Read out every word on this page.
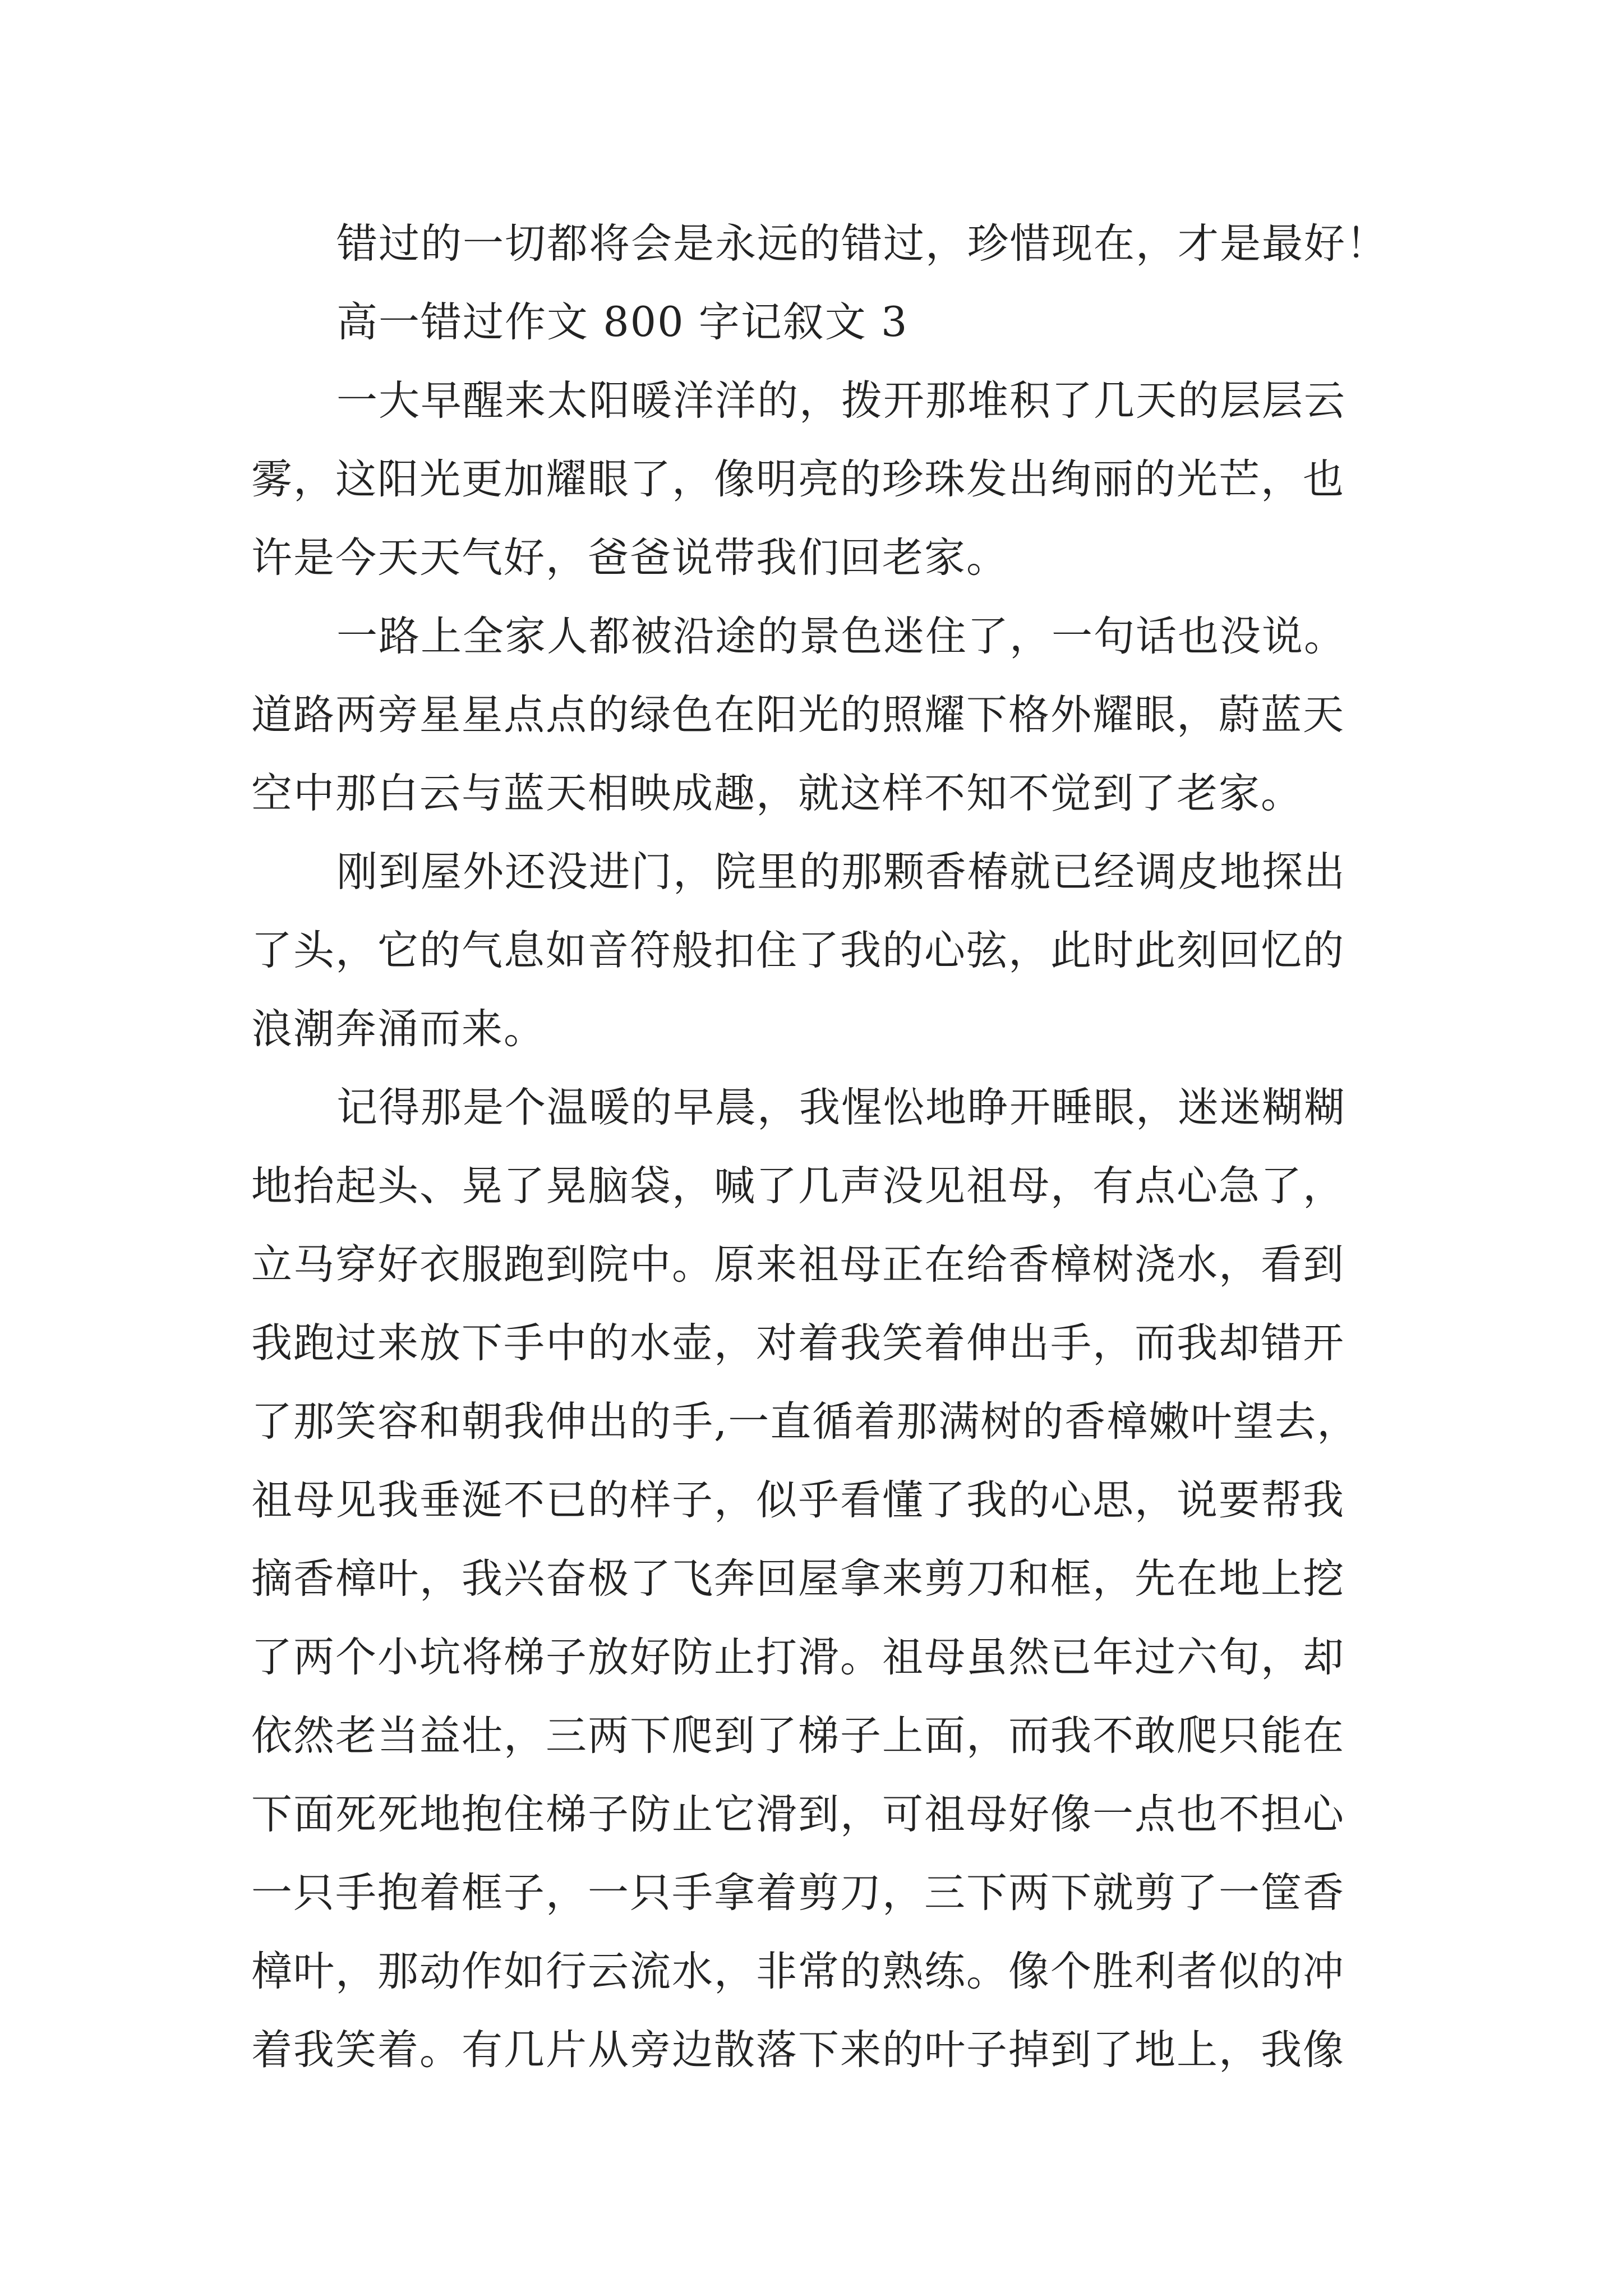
错过的一切都将会是永远的错过，珍惜现在，才是最好！
高一错过作文 800 字记叙文 3
一大早醒来太阳暖洋洋的，拨开那堆积了几天的层层云
雾，这阳光更加耀眼了，像明亮的珍珠发出绚丽的光芒，也
许是今天天气好，爸爸说带我们回老家。
一路上全家人都被沿途的景色迷住了，一句话也没说。
道路两旁星星点点的绿色在阳光的照耀下格外耀眼，蔚蓝天
空中那白云与蓝天相映成趣，就这样不知不觉到了老家。
刚到屋外还没进门，院里的那颗香椿就已经调皮地探出
了头，它的气息如音符般扣住了我的心弦，此时此刻回忆的
浪潮奔涌而来。
记得那是个温暖的早晨，我惺忪地睁开睡眼，迷迷糊糊
地抬起头、晃了晃脑袋，喊了几声没见祖母，有点心急了，
立马穿好衣服跑到院中。原来祖母正在给香樟树浇水，看到
我跑过来放下手中的水壶，对着我笑着伸出手，而我却错开
了那笑容和朝我伸出的手,一直循着那满树的香樟嫩叶望去，
祖母见我垂涎不已的样子，似乎看懂了我的心思，说要帮我
摘香樟叶，我兴奋极了飞奔回屋拿来剪刀和框，先在地上挖
了两个小坑将梯子放好防止打滑。祖母虽然已年过六旬，却
依然老当益壮，三两下爬到了梯子上面，而我不敢爬只能在
下面死死地抱住梯子防止它滑到，可祖母好像一点也不担心
一只手抱着框子，一只手拿着剪刀，三下两下就剪了一筐香
樟叶，那动作如行云流水，非常的熟练。像个胜利者似的冲
着我笑着。有几片从旁边散落下来的叶子掉到了地上，我像
